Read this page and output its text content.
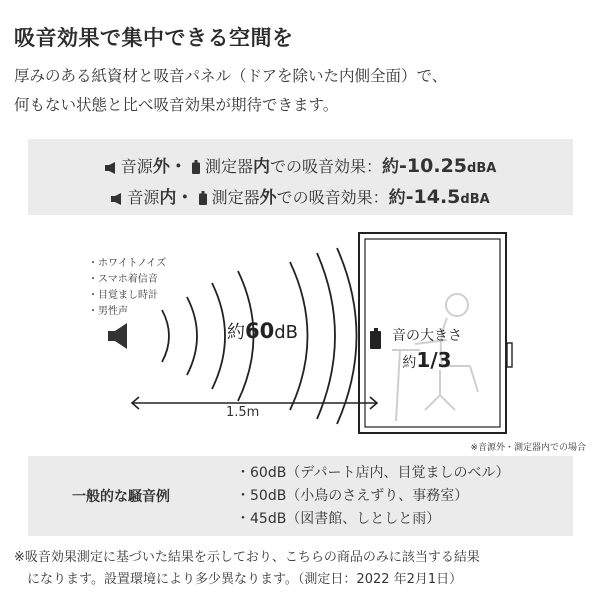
吸音効果で集中できる空間を
厚みのある紙資材と吸音パネル（ドアを除いた内側全面）で、
何もない状態と比べ吸音効果が期待できます。
音源外・ 測定器内での吸音効果：約-10.25dBA
音源内・ 測定器外での吸音効果：約-14.5dBA
・ホワイトノイズ
・スマホ着信音
・目覚まし時計
・男性声
約60dB
1.5m
音の大きさ
約1/3
※音源外・測定器内での場合
一般的な騒音例
・60dB（デパート店内、目覚ましのベル）
・50dB（小鳥のさえずり、事務室）
・45dB（図書館、しとしと雨）
※吸音効果測定に基づいた結果を示しており、こちらの商品のみに該当する結果
になります。設置環境により多少異なります。（測定日：2022 年2月1日）
